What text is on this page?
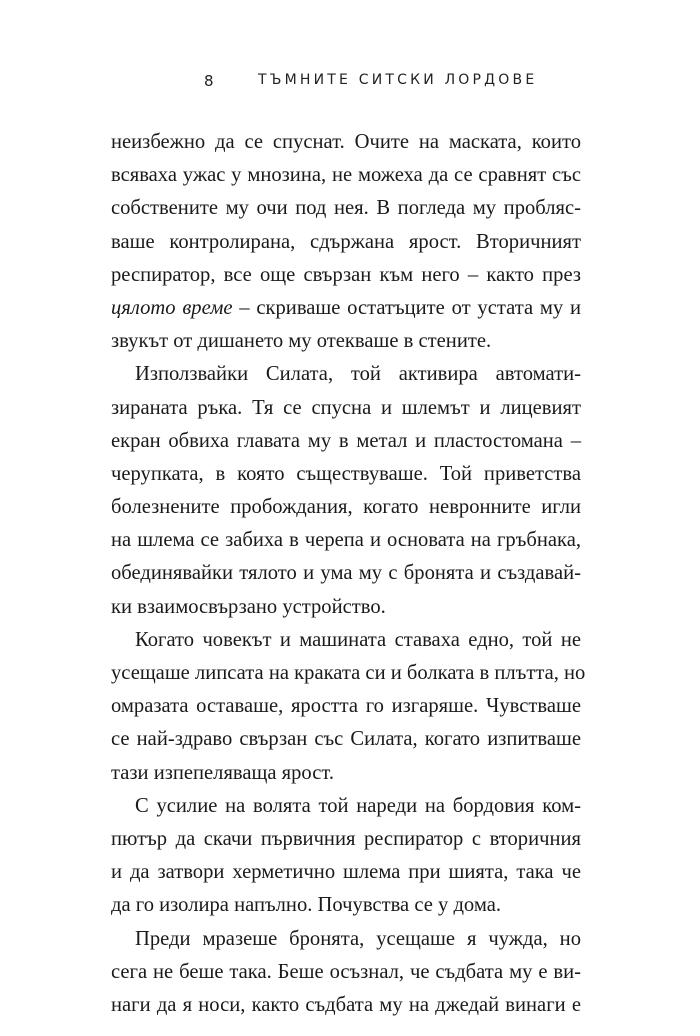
8	ТЪМНИТЕ СИТСКИ ЛОРДОВЕ
неизбежно да се спуснат. Очите на маската, които
всяваха ужас у мнозина, не можеха да се сравнят със
собствените му очи под нея. В погледа му пробляс-
ваше контролирана, сдържана ярост. Вторичният
респиратор, все още свързан към него – както през
цялото време – скриваше остатъците от устата му и
звукът от дишането му отекваше в стените.
Използвайки Силата, той активира автомати-
зираната ръка. Тя се спусна и шлемът и лицевият
екран обвиха главата му в метал и пластостомана –
черупката, в която съществуваше. Той приветства
болезнените пробождания, когато невронните игли
на шлема се забиха в черепа и основата на гръбнака,
обединявайки тялото и ума му с бронята и създавай-
ки взаимосвързано устройство.
Когато човекът и машината ставаха едно, той не
усещаше липсата на краката си и болката в плътта, но
омразата оставаше, яростта го изгаряше. Чувстваше
се най-здраво свързан със Силата, когато изпитваше
тази изпепеляваща ярост.
С усилие на волята той нареди на бордовия ком-
пютър да скачи първичния респиратор с вторичния
и да затвори херметично шлема при шията, така че
да го изолира напълно. Почувства се у дома.
Преди мразеше бронята, усещаше я чужда, но
сега не беше така. Беше осъзнал, че съдбата му е ви-
наги да я носи, както съдбата му на джедай винаги е
